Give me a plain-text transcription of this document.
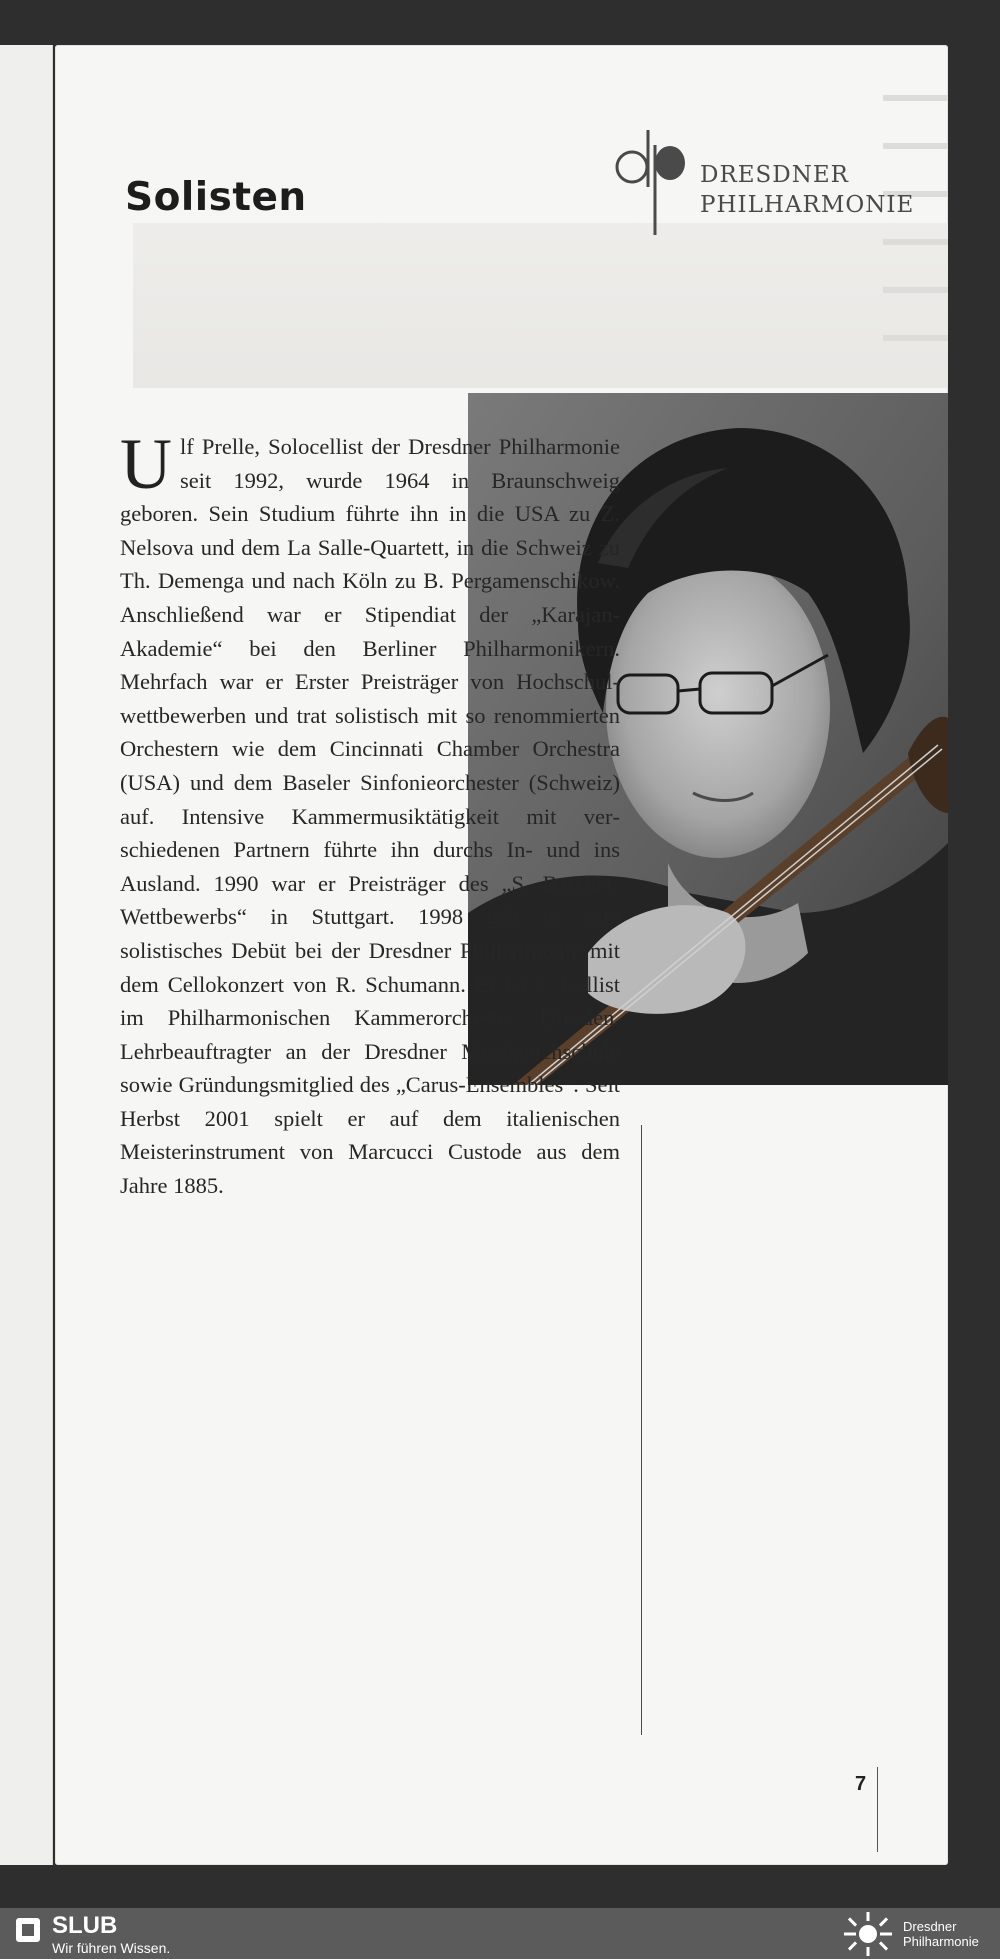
DRESDNER
PHILHARMONIE
Solisten
Ulf Prelle, Solocellist der Dresdner Philharmonie seit 1992, wurde 1964 in Braunschweig geboren. Sein Studium führte ihn in die USA zu Z. Nelsova und dem La Salle-Quartett, in die Schweiz zu Th. Demenga und nach Köln zu B. Pergamenschikow. Anschließend war er Stipendiat der „Karajan-Akademie“ bei den Berliner Philharmonikern. Mehrfach war er Erster Preisträger von Hochschulwettbewerben und trat solistisch mit so renommierten Orchestern wie dem Cincinnati Chamber Orchestra (USA) und dem Baseler Sinfonieorchester (Schweiz) auf. Intensive Kammermusiktätigkeit mit verschiedenen Partnern führte ihn durchs In- und ins Ausland. 1990 war er Preisträger des „S. Barchet-Wettbewerbs“ in Stuttgart. 1998 gab er sein solistisches Debüt bei der Dresdner Philharmonie mit dem Cellokonzert von R. Schumann. Er ist 1. Cellist im Philharmonischen Kammerorchester Dresden, Lehrbeauftragter an der Dresdner Musikhochschule sowie Gründungsmitglied des „Carus-Ensembles“. Seit Herbst 2001 spielt er auf dem italienischen Meisterinstrument von Marcucci Custode aus dem Jahre 1885.
7
SLUB
Wir führen Wissen.
Dresdner
Philharmonie
